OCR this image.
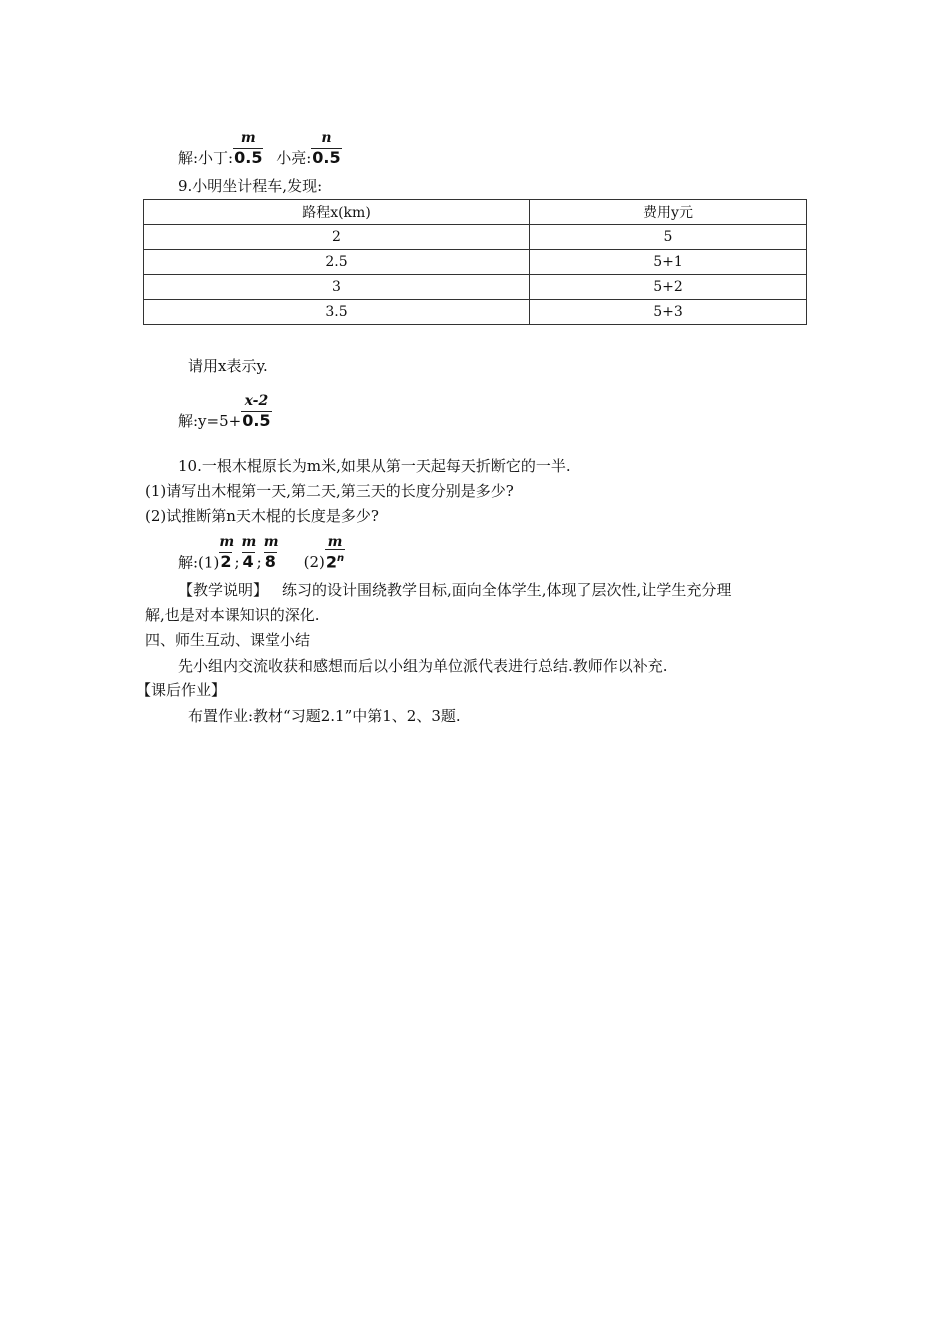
解:小丁: $\frac{m}{0.5}$ 小亮: $\frac{n}{0.5}$
9.小明坐计程车,发现:
路程x(km)	费用y元
2	5
2.5	5+1
3	5+2
3.5	5+3
请用x表示y.
解:y=5+ $\frac{x-2}{0.5}$
10.一根木棍原长为m米,如果从第一天起每天折断它的一半.
(1)请写出木棍第一天,第二天,第三天的长度分别是多少?
(2)试推断第n天木棍的长度是多少?
解:(1) $\frac{m}{2}$ ; $\frac{m}{4}$ ; $\frac{m}{8} (2) \frac{m}{2^n}$
【教学说明】 练习的设计围绕教学目标,面向全体学生,体现了层次性,让学生充分理
解,也是对本课知识的深化.
四、师生互动、课堂小结
先小组内交流收获和感想而后以小组为单位派代表进行总结.教师作以补充.
【课后作业】
布置作业:教材“习题2.1”中第1、2、3题.
